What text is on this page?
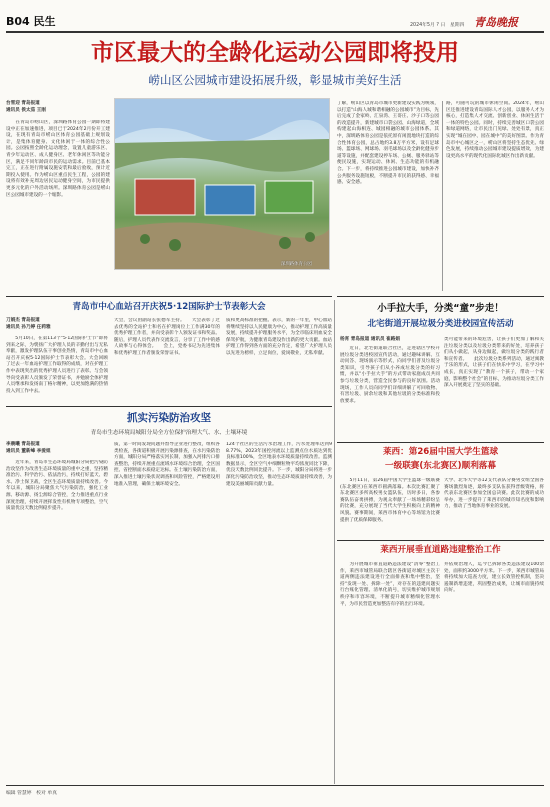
B04 民生	2024年5月 ? 日 星期四 青岛晚报
市区最大的全龄化运动公园即将投用
崂山区公园城市建设拓展升级，彰显城市美好生活
台雪迎 青岛报道
通讯员 侯太茹 王刚
　　在青岛市崂山区，深圳路体育公园一期即将建设中正在加速推进，项目已于2024年2月份开工建设，在现有青岛市崂山区体育公园基础上规划设计，是集体育健身、文化休闲于一体的综合性公园。公园按照全龄化运动理念，设置儿童游乐区、青少年运动区、成人健身区、老年休闲区等功能分区，满足不同年龄段市民的运动需求。目前已基本完工，正在进行附属设施安装和最后验收，预计近期投入使用。作为崂山区重点民生工程，公园的建设将有效补充周边居民运动健身空间，为市民提供更多元化的户外活动场所。深圳路体育公园是崂山区公园城市建设的一个缩影。
深圳路体育公园
了解，崂山区以青岛市城市更新建设实践为统领，以打造“山海人城和谐相融的公园城市”为目标，先后完成了金家岭、汇泉湾、王哥庄、沙子口等公园的改造提升，新建城市口袋公园、山海绿道，全域构建起山海相连、城园相融的城市公园体系。其中，深圳路体育公园是依托原有闲置地块打造的综合性体育公园，总占地约3.8万平方米，设有足球场、篮球场、网球场、羽毛球场以及全龄化健身步道等设施，并配套建设停车场、公厕、服务驿站等便民设施，实现运动、休闲、生态功能的有机融合。下一步，将持续推进公园城市建设，加快补齐公共服务设施短板，不断提升市民的获得感、幸福感、安全感。
路，可随可玩的城市休闲空间。2024年，崂山区还推进建设青岛国际人才公园，以服务人才为核心，打造集人才交流、创新创业、休闲生活于一体的特色公园。同时，持续完善城区口袋公园和绿道网络，让市民出门见绿、处处有景，真正实现“城在园中、园在城中”的美好图景。作为青岛市中心城区之一，崂山区将坚持生态优先、绿色发展，持续推动公园城市建设提质增效，为建设更高水平的现代化国际化城区作出新贡献。
青岛市中心血站召开庆祝5·12国际护士节表彰大会
刀娟杰 青岛报道
通讯员 孙乃婷 任莉雅
　　5月10日，在第113个“5·12国际护士节”即将到来之际，为褒扬广大护理人员的辛勤付出与无私奉献，激发护理队伍干事创业热情，青岛市中心血站召开庆祝5·12国际护士节表彰大会。大会回顾了过去一年血站护理工作取得的成绩，对在护理工作中表现突出的优秀护理人员进行了表彰。与会领导向受表彰人员颁发了荣誉证书，并勉励全体护理人员继承和发扬南丁格尔精神，以更加饱满的热情投入到工作中去。
大会，会议由副站长张德军主持。　　大会表彰了过去优秀的全站护士和名在护理岗位上工作满30年的优秀护理工作者，并向受表彰个人颁发证书和奖品。随后，护理人员代表作交流发言，分享了工作中的感人故事与心得体会。　　会上，党委书记为先进集体和优秀护理工作者颁发荣誉证书。
质和更高标准的把握。表示，新的一年里，中心血站将继续坚持以人民健康为中心，推动护理工作高质量发展，持续提升护理服务水平，为全市临床用血安全保驾护航，为健康青岛建设作出新的更大贡献。血站护理工作得到各方面的充分肯定，希望广大护理人员以先进为榜样，立足岗位，爱岗敬业，无私奉献。
抓实污染防治攻坚
青岛市生态环境局城阳分局全方位保护治理大气、水、土壤环境
李晨曦 青岛报道
通讯员 董新峰 李爱姐
　　近年来，青岛市生态环境局城阳分局把污染防治攻坚作为改善生态环境质量的重中之重，坚持精准治污、科学治污、依法治污，持续打好蓝天、碧水、净土保卫战，全区生态环境质量持续改善。今年以来，城阳分局聚焦大气污染防治，强化工业源、移动源、扬尘源综合管控，全力推进重点行业深度治理，持续开展挥发性有机物专项整治，空气质量优良天数比例稳步提升。
质，第一时间发现问题并督导企业进行整改，组织各类检查，各街道积极开展污染源排查，在水污染防治方面，城阳分局严格落实河长制，加强入河排污口排查整治，持续开展重点流域水环境综合治理，全区国控、省控断面水质稳定达标。在土壤污染防治方面，深入推进土壤污染状况调查和风险管控，严格建设用地准入管理，确保土壤环境安全。
124个社区的生活污水治理工作，污水处理率达到98.77%，2023年国控河流以上监测点位水质达到优良标准100%，全区地表水环境质量持续改善。监测数据显示，全区空气中细颗粒物平均浓度同比下降，优良天数比例同比提升。下一步，城阳分局将进一步深化污染防治攻坚，推动生态环境质量持续改善，为建设美丽城阳贡献力量。
小手拉大手，分类“童”步走！
北宅街道开展垃圾分类进校园宣传活动
杨宵 青岛报道 通讯员 崔路娟
　　近日，北宅街道联合社区，走进辖区学校开展垃圾分类进校园宣传活动，通过趣味讲解、互动问答、现场演示等形式，向同学们普及垃圾分类知识，引导孩子们从小养成垃圾分类的好习惯，并以“小手拉大手”的方式带动家庭成员共同参与垃圾分类，营造全民参与的良好氛围。活动现场，工作人员向同学们详细讲解了可回收物、有害垃圾、厨余垃圾和其他垃圾的分类标准和投放要求。
类可能带来的环境危害，让孩子们更加了解和关注垃圾分类以及垃圾分类带来的好处，培养孩子们从小做起，从身边做起，做垃圾分类的践行者和宣传者。　　此次垃圾分类系列活动，通过寓教于乐的形式，让孩子们在快乐中学习，在学习中成长，真正实现了“教育一个孩子，带动一个家庭，影响整个社会”的目标，为推动垃圾分类工作深入开展奠定了坚实的基础。
莱西：第26届中国大学生篮球
一级联赛(东北赛区)顺利落幕
　　5月11日，第26届中国大学生篮球一级联赛(东北赛区)在莱西市圆满落幕。本次比赛汇聚了东北赛区多所高校男女篮队伍，历时多日，各参赛队伍奋勇拼搏，为观众奉献了一场场精彩纷呈的比赛，充分展现了当代大学生积极向上的精神风貌。赛事期间，莱西市体育中心等场馆为比赛提供了优质保障服务。
大学、北华大学等12支代表队分赛男女组全国各赛场激烈角逐，最终多支队伍获得晋级资格，将代表东北赛区参加全国总决赛。此次比赛的成功举办，进一步提升了莱西市的城市知名度和影响力，推动了当地体育事业的发展。
莱西开展垂直道路违建整治工作
　　为开展城市垂直道路违法建设“清零”整治工作，莱西市城管局联合辖区各街道对城区主次干道两侧违法建设进行全面排查和集中整治，坚持“发现一处、拆除一处”，对存在的违建问题实行台账化管理、清单化销号，切实维护城市规划秩序和市容环境，不断提升城市精细化管理水平，为市民营造更加整洁有序的出行环境。
并依规治理人，迄今已拆除各类违法建设100余处，面积约3000平方米。下一步，莱西市城管局将持续加大巡查力度，建立长效管控机制，坚决遏制新增违建，巩固整治成果，让城市面貌持续向好。
编辑 管慧婷　校对 单真
